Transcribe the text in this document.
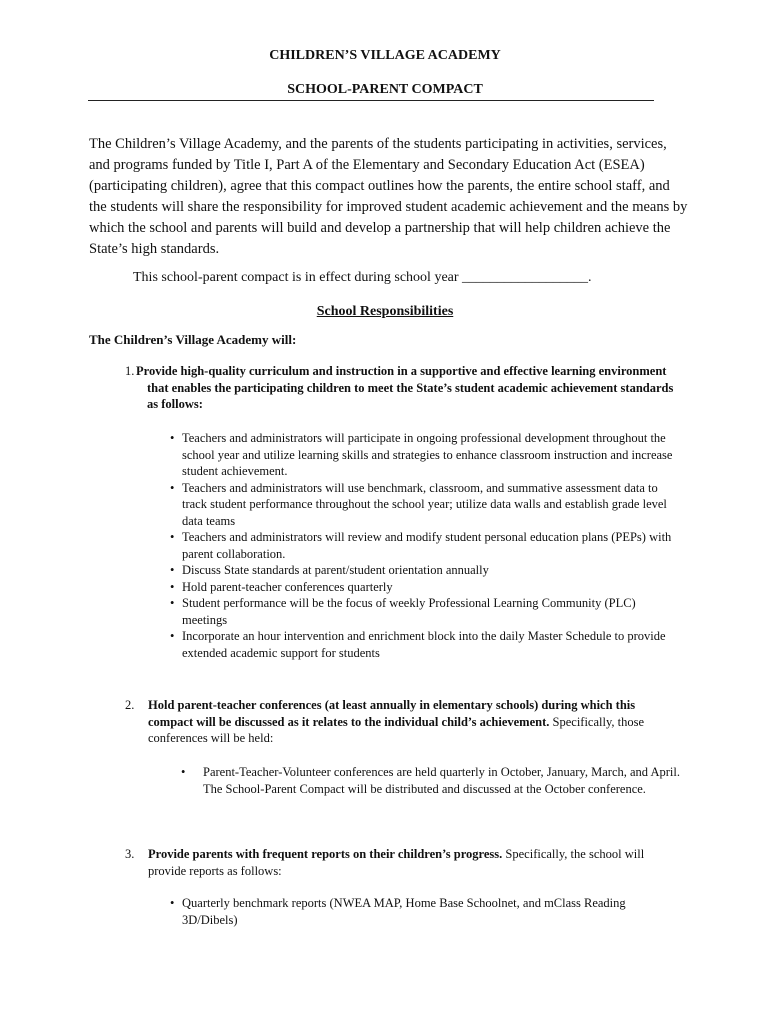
CHILDREN’S VILLAGE ACADEMY
SCHOOL-PARENT COMPACT

The Children’s Village Academy, and the parents of the students participating in activities, services, and programs funded by Title I, Part A of the Elementary and Secondary Education Act (ESEA) (participating children), agree that this compact outlines how the parents, the entire school staff, and the students will share the responsibility for improved student academic achievement and the means by which the school and parents will build and develop a partnership that will help children achieve the State’s high standards.

This school-parent compact is in effect during school year __________________.

School Responsibilities
The Children’s Village Academy will:
1. Provide high-quality curriculum and instruction in a supportive and effective learning environment that enables the participating children to meet the State’s student academic achievement standards as follows:

• Teachers and administrators will participate in ongoing professional development throughout the school year and utilize learning skills and strategies to enhance classroom instruction and increase student achievement.
• Teachers and administrators will use benchmark, classroom, and summative assessment data to track student performance throughout the school year; utilize data walls and establish grade level data teams
• Teachers and administrators will review and modify student personal education plans (PEPs) with parent collaboration.
• Discuss State standards at parent/student orientation annually
• Hold parent-teacher conferences quarterly
• Student performance will be the focus of weekly Professional Learning Community (PLC) meetings
• Incorporate an hour intervention and enrichment block into the daily Master Schedule to provide extended academic support for students
2.	Hold parent-teacher conferences (at least annually in elementary schools) during which this compact will be discussed as it relates to the individual child’s achievement. Specifically, those conferences will be held:

• Parent-Teacher-Volunteer conferences are held quarterly in October, January, March, and April. The School-Parent Compact will be distributed and discussed at the October conference.
3.	Provide parents with frequent reports on their children’s progress. Specifically, the school will provide reports as follows:

• Quarterly benchmark reports (NWEA MAP, Home Base Schoolnet, and mClass Reading 3D/Dibels)
